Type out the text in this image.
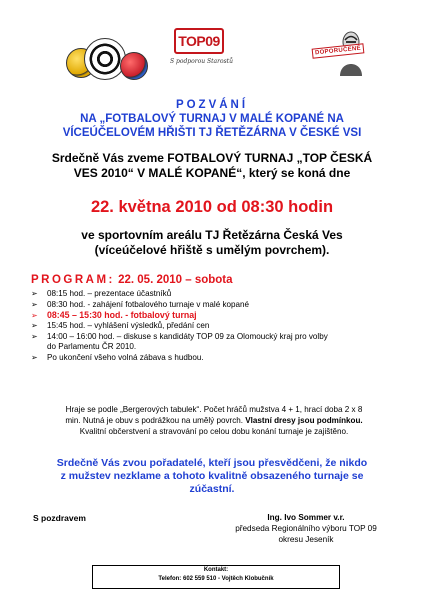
TOP09
S podporou Starostů
DOPORUČENÉ
POZVÁNÍ
NA „FOTBALOVÝ TURNAJ V MALÉ KOPANÉ NA
VÍCEÚČELOVÉM HŘIŠTI TJ ŘETĚZÁRNA V ČESKÉ VSI
Srdečně Vás zveme FOTBALOVÝ TURNAJ „TOP ČESKÁ
VES 2010“ V MALÉ KOPANÉ“, který se koná dne
22. května 2010 od 08:30 hodin
ve sportovním areálu TJ Řetězárna Česká Ves
(víceúčelové hřiště s umělým povrchem).
PROGRAM: 22. 05. 2010 – sobota
➢ 08:15 hod. – prezentace účastníků
➢ 08:30 hod. - zahájení fotbalového turnaje v malé kopané
➢ 08:45 – 15:30 hod. - fotbalový turnaj
➢ 15:45 hod. – vyhlášení výsledků, předání cen
➢ 14:00 – 16:00 hod. – diskuse s kandidáty TOP 09 za Olomoucký kraj pro volby
do Parlamentu ČR 2010.
➢ Po ukončení všeho volná zábava s hudbou.
Hraje se podle „Bergerových tabulek“. Počet hráčů mužstva 4 + 1, hrací doba 2 x 8
min. Nutná je obuv s podrážkou na umělý povrch. Vlastní dresy jsou podmínkou.
Kvalitní občerstvení a stravování po celou dobu konání turnaje je zajištěno.
Srdečně Vás zvou pořadatelé, kteří jsou přesvědčeni, že nikdo
z mužstev nezklame a tohoto kvalitně obsazeného turnaje se
zúčastní.
S pozdravem	Ing. Ivo Sommer v.r.
předseda Regionálního výboru TOP 09
okresu Jeseník
Kontakt:
Telefon: 602 559 510 - Vojtěch Klobučník
